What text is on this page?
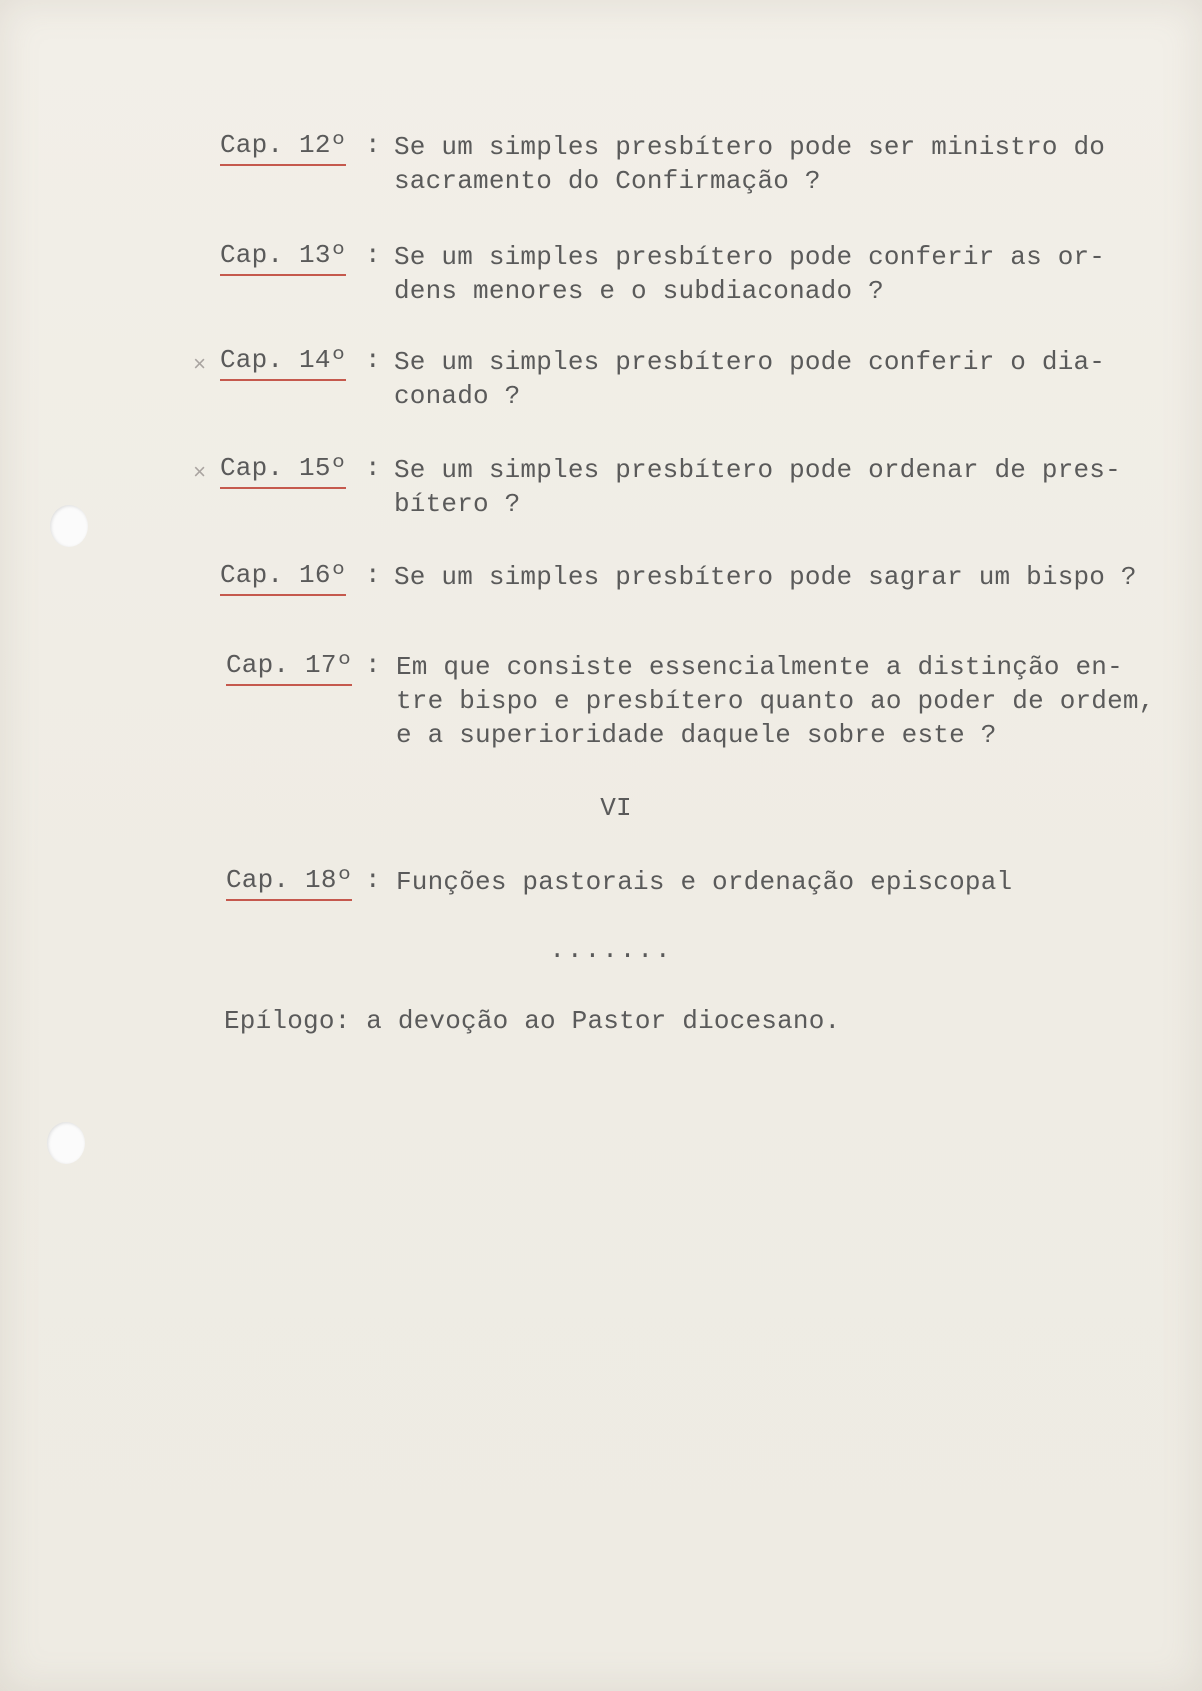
Cap. 12º : Se um simples presbítero pode ser ministro do
sacramento do Confirmação ?
Cap. 13º : Se um simples presbítero pode conferir as or-
dens menores e o subdiaconado ?
× Cap. 14º : Se um simples presbítero pode conferir o dia-
conado ?
× Cap. 15º : Se um simples presbítero pode ordenar de pres-
bítero ?
Cap. 16º : Se um simples presbítero pode sagrar um bispo ?
Cap. 17º : Em que consiste essencialmente a distinção en-
tre bispo e presbítero quanto ao poder de ordem,
e a superioridade daquele sobre este ?
VI
Cap. 18º : Funções pastorais e ordenação episcopal
.......
Epílogo: a devoção ao Pastor diocesano.
